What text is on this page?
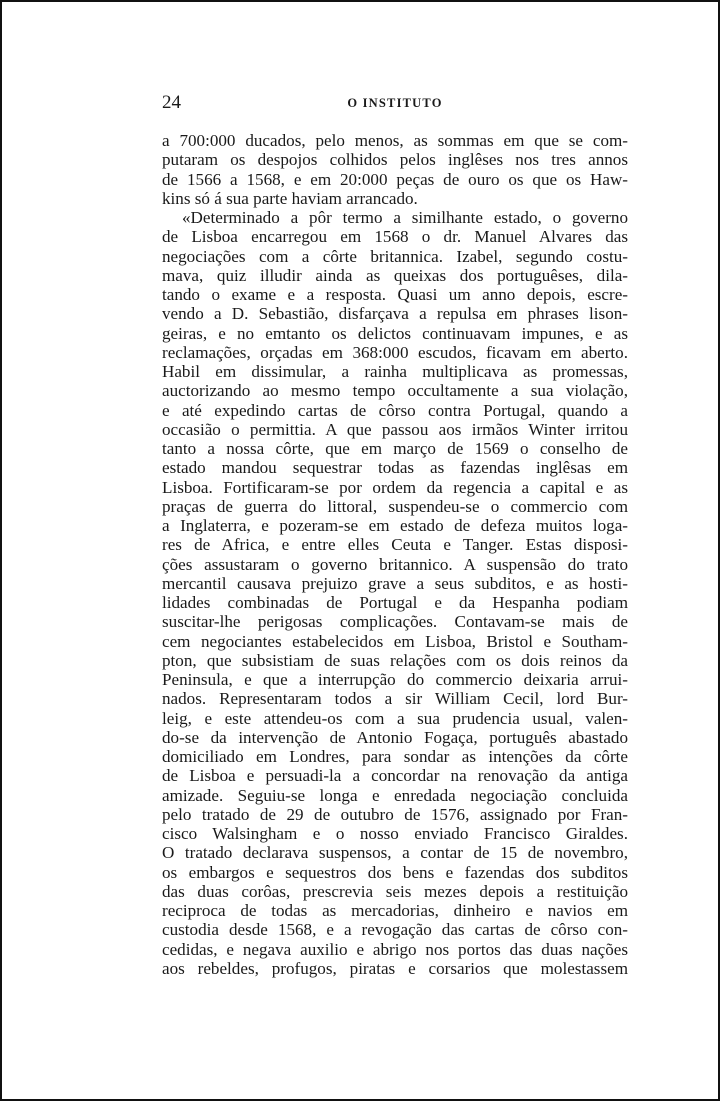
24	O INSTITUTO
a 700:000 ducados, pelo menos, as sommas em que se com-
putaram os despojos colhidos pelos inglêses nos tres annos
de 1566 a 1568, e em 20:000 peças de ouro os que os Haw-
kins só á sua parte haviam arrancado.
«Determinado a pôr termo a similhante estado, o governo
de Lisboa encarregou em 1568 o dr. Manuel Alvares das
negociações com a côrte britannica. Izabel, segundo costu-
mava, quiz illudir ainda as queixas dos portuguêses, dila-
tando o exame e a resposta. Quasi um anno depois, escre-
vendo a D. Sebastião, disfarçava a repulsa em phrases lison-
geiras, e no emtanto os delictos continuavam impunes, e as
reclamações, orçadas em 368:000 escudos, ficavam em aberto.
Habil em dissimular, a rainha multiplicava as promessas,
auctorizando ao mesmo tempo occultamente a sua violação,
e até expedindo cartas de côrso contra Portugal, quando a
occasião o permittia. A que passou aos irmãos Winter irritou
tanto a nossa côrte, que em março de 1569 o conselho de
estado mandou sequestrar todas as fazendas inglêsas em
Lisboa. Fortificaram-se por ordem da regencia a capital e as
praças de guerra do littoral, suspendeu-se o commercio com
a Inglaterra, e pozeram-se em estado de defeza muitos loga-
res de Africa, e entre elles Ceuta e Tanger. Estas disposi-
ções assustaram o governo britannico. A suspensão do trato
mercantil causava prejuizo grave a seus subditos, e as hosti-
lidades combinadas de Portugal e da Hespanha podiam
suscitar-lhe perigosas complicações. Contavam-se mais de
cem negociantes estabelecidos em Lisboa, Bristol e Southam-
pton, que subsistiam de suas relações com os dois reinos da
Peninsula, e que a interrupção do commercio deixaria arrui-
nados. Representaram todos a sir William Cecil, lord Bur-
leig, e este attendeu-os com a sua prudencia usual, valen-
do-se da intervenção de Antonio Fogaça, português abastado
domiciliado em Londres, para sondar as intenções da côrte
de Lisboa e persuadi-la a concordar na renovação da antiga
amizade. Seguiu-se longa e enredada negociação concluida
pelo tratado de 29 de outubro de 1576, assignado por Fran-
cisco Walsingham e o nosso enviado Francisco Giraldes.
O tratado declarava suspensos, a contar de 15 de novembro,
os embargos e sequestros dos bens e fazendas dos subditos
das duas corôas, prescrevia seis mezes depois a restituição
reciproca de todas as mercadorias, dinheiro e navios em
custodia desde 1568, e a revogação das cartas de côrso con-
cedidas, e negava auxilio e abrigo nos portos das duas nações
aos rebeldes, profugos, piratas e corsarios que molestassem
